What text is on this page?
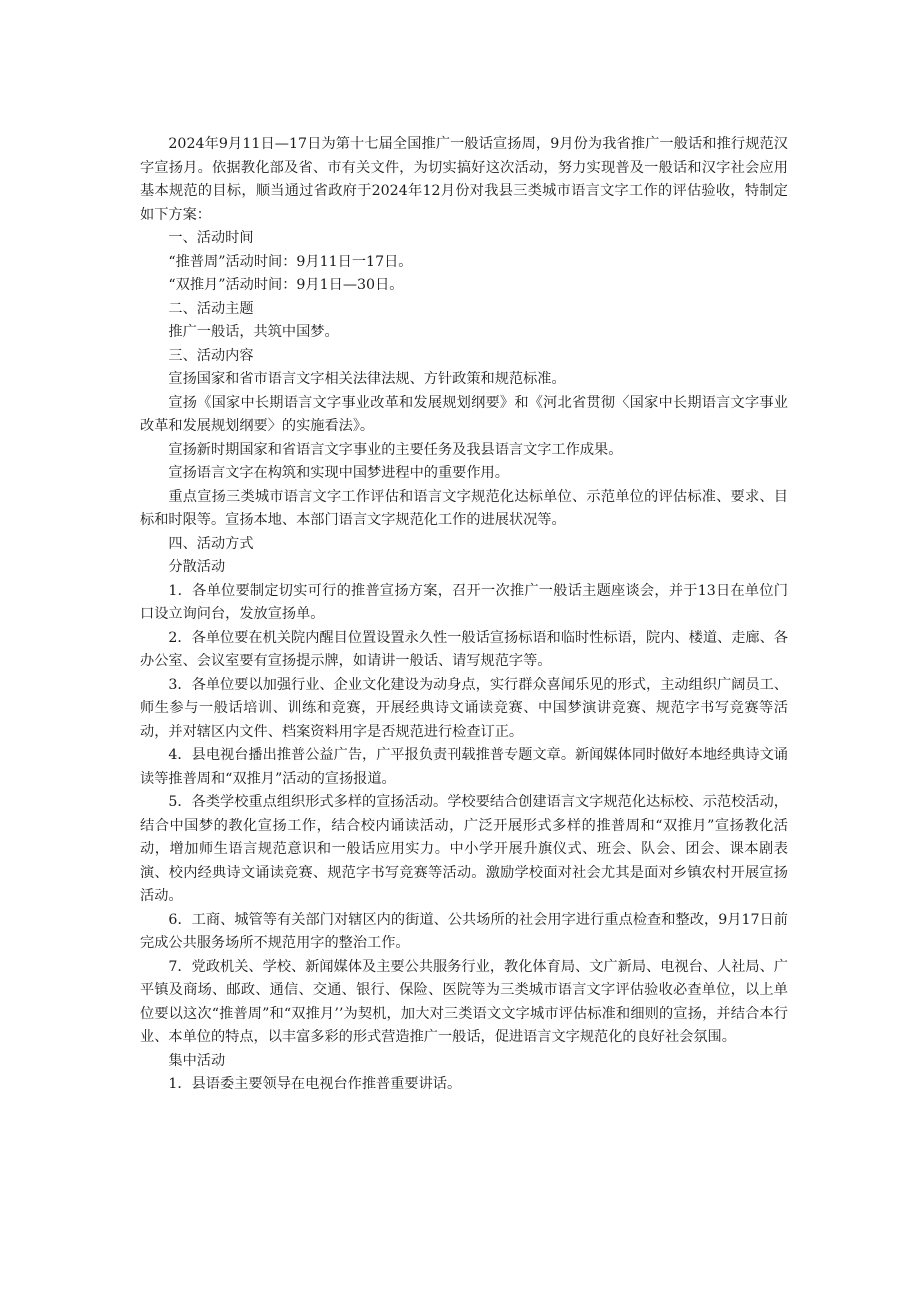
2024年9月11日—17日为第十七届全国推广一般话宣扬周，9月份为我省推广一般话和推行规范汉字宣扬月。依据教化部及省、市有关文件，为切实搞好这次活动，努力实现普及一般话和汉字社会应用基本规范的目标，顺当通过省政府于2024年12月份对我县三类城市语言文字工作的评估验收，特制定如下方案：

一、活动时间

“推普周”活动时间：9月11日一17日。

“双推月”活动时间：9月1日—30日。

二、活动主题

推广一般话，共筑中国梦。

三、活动内容

宣扬国家和省市语言文字相关法律法规、方针政策和规范标准。

宣扬《国家中长期语言文字事业改革和发展规划纲要》和《河北省贯彻〈国家中长期语言文字事业改革和发展规划纲要〉的实施看法》。

宣扬新时期国家和省语言文字事业的主要任务及我县语言文字工作成果。

宣扬语言文字在构筑和实现中国梦进程中的重要作用。

重点宣扬三类城市语言文字工作评估和语言文字规范化达标单位、示范单位的评估标准、要求、目标和时限等。宣扬本地、本部门语言文字规范化工作的进展状况等。

四、活动方式

分散活动

1．各单位要制定切实可行的推普宣扬方案，召开一次推广一般话主题座谈会，并于13日在单位门口设立询问台，发放宣扬单。

2．各单位要在机关院内醒目位置设置永久性一般话宣扬标语和临时性标语，院内、楼道、走廊、各办公室、会议室要有宣扬提示牌，如请讲一般话、请写规范字等。

3．各单位要以加强行业、企业文化建设为动身点，实行群众喜闻乐见的形式，主动组织广阔员工、师生参与一般话培训、训练和竞赛，开展经典诗文诵读竞赛、中国梦演讲竞赛、规范字书写竞赛等活动，并对辖区内文件、档案资料用字是否规范进行检查订正。

4．县电视台播出推普公益广告，广平报负责刊载推普专题文章。新闻媒体同时做好本地经典诗文诵读等推普周和“双推月”活动的宣扬报道。

5．各类学校重点组织形式多样的宣扬活动。学校要结合创建语言文字规范化达标校、示范校活动，结合中国梦的教化宣扬工作，结合校内诵读活动，广泛开展形式多样的推普周和“双推月”宣扬教化活动，增加师生语言规范意识和一般话应用实力。中小学开展升旗仪式、班会、队会、团会、课本剧表演、校内经典诗文诵读竞赛、规范字书写竞赛等活动。激励学校面对社会尤其是面对乡镇农村开展宣扬活动。

6．工商、城管等有关部门对辖区内的街道、公共场所的社会用字进行重点检查和整改，9月17日前完成公共服务场所不规范用字的整治工作。

7．党政机关、学校、新闻媒体及主要公共服务行业，教化体育局、文广新局、电视台、人社局、广平镇及商场、邮政、通信、交通、银行、保险、医院等为三类城市语言文字评估验收必查单位，以上单位要以这次“推普周”和“双推月’’为契机，加大对三类语文文字城市评估标准和细则的宣扬，并结合本行业、本单位的特点，以丰富多彩的形式营造推广一般话，促进语言文字规范化的良好社会氛围。

集中活动

1．县语委主要领导在电视台作推普重要讲话。
